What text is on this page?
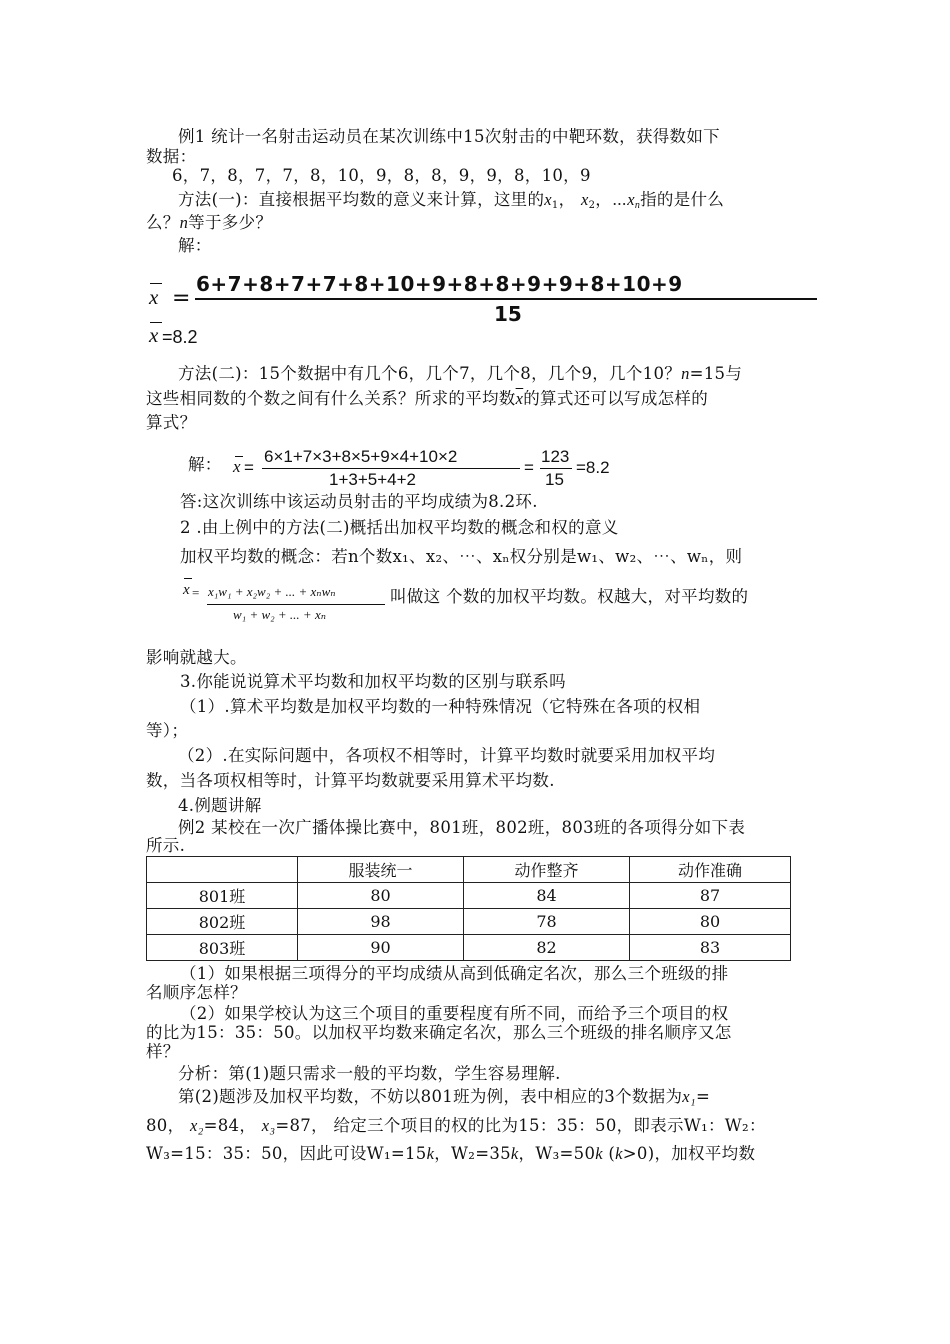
例1 统计一名射击运动员在某次训练中15次射击的中靶环数，获得数如下
数据：
6，7，8，7，7，8，10，9，8，8，9，9，8，10，9
方法(一)：直接根据平均数的意义来计算，这里的$x_1$， $x_2$，$\cdots x_n$指的是什么
么？n等于多少？
解：
x =
6+7+8+7+7+8+10+9+8+8+9+9+8+10+9
15
x =8.2
方法(二)：15个数据中有几个6，几个7，几个8，几个9，几个10？n=15与
这些相同数的个数之间有什么关系？所求的平均数$\overline{x}$的算式还可以写成怎样的
算式？
解： x =
6×1+7×3+8×5+9×4+10×2
1+3+5+4+2
=
123
15
=8.2
答:这次训练中该运动员射击的平均成绩为8.2环.
2 .由上例中的方法(二)概括出加权平均数的概念和权的意义
加权平均数的概念：若n个数x₁、x₂、⋯、xₙ权分别是w₁、w₂、⋯、wₙ，则
x = x₁w₁ + x₂w₂ + ... + xₙwₙ
w₁ + w₂ + ... + xₙ
叫做这 个数的加权平均数。权越大，对平均数的
影响就越大。
3.你能说说算术平均数和加权平均数的区别与联系吗
（1）.算术平均数是加权平均数的一种特殊情况（它特殊在各项的权相
等）；
（2）.在实际问题中，各项权不相等时，计算平均数时就要采用加权平均
数，当各项权相等时，计算平均数就要采用算术平均数.
4.例题讲解
例2 某校在一次广播体操比赛中，801班，802班，803班的各项得分如下表
所示.
	服装统一	动作整齐	动作准确
801班	80	84	87
802班	98	78	80
803班	90	82	83
（1）如果根据三项得分的平均成绩从高到低确定名次，那么三个班级的排
名顺序怎样？
（2）如果学校认为这三个项目的重要程度有所不同，而给予三个项目的权
的比为15：35：50。以加权平均数来确定名次，那么三个班级的排名顺序又怎
样？
分析：第(1)题只需求一般的平均数，学生容易理解.
第(2)题涉及加权平均数，不妨以801班为例，表中相应的3个数据为x₁=
80， x₂=84， x₃=87， 给定三个项目的权的比为15：35：50，即表示W₁：W₂：
W₃=15：35：50，因此可设W₁=15k，W₂=35k，W₃=50k (k>0)，加权平均数
